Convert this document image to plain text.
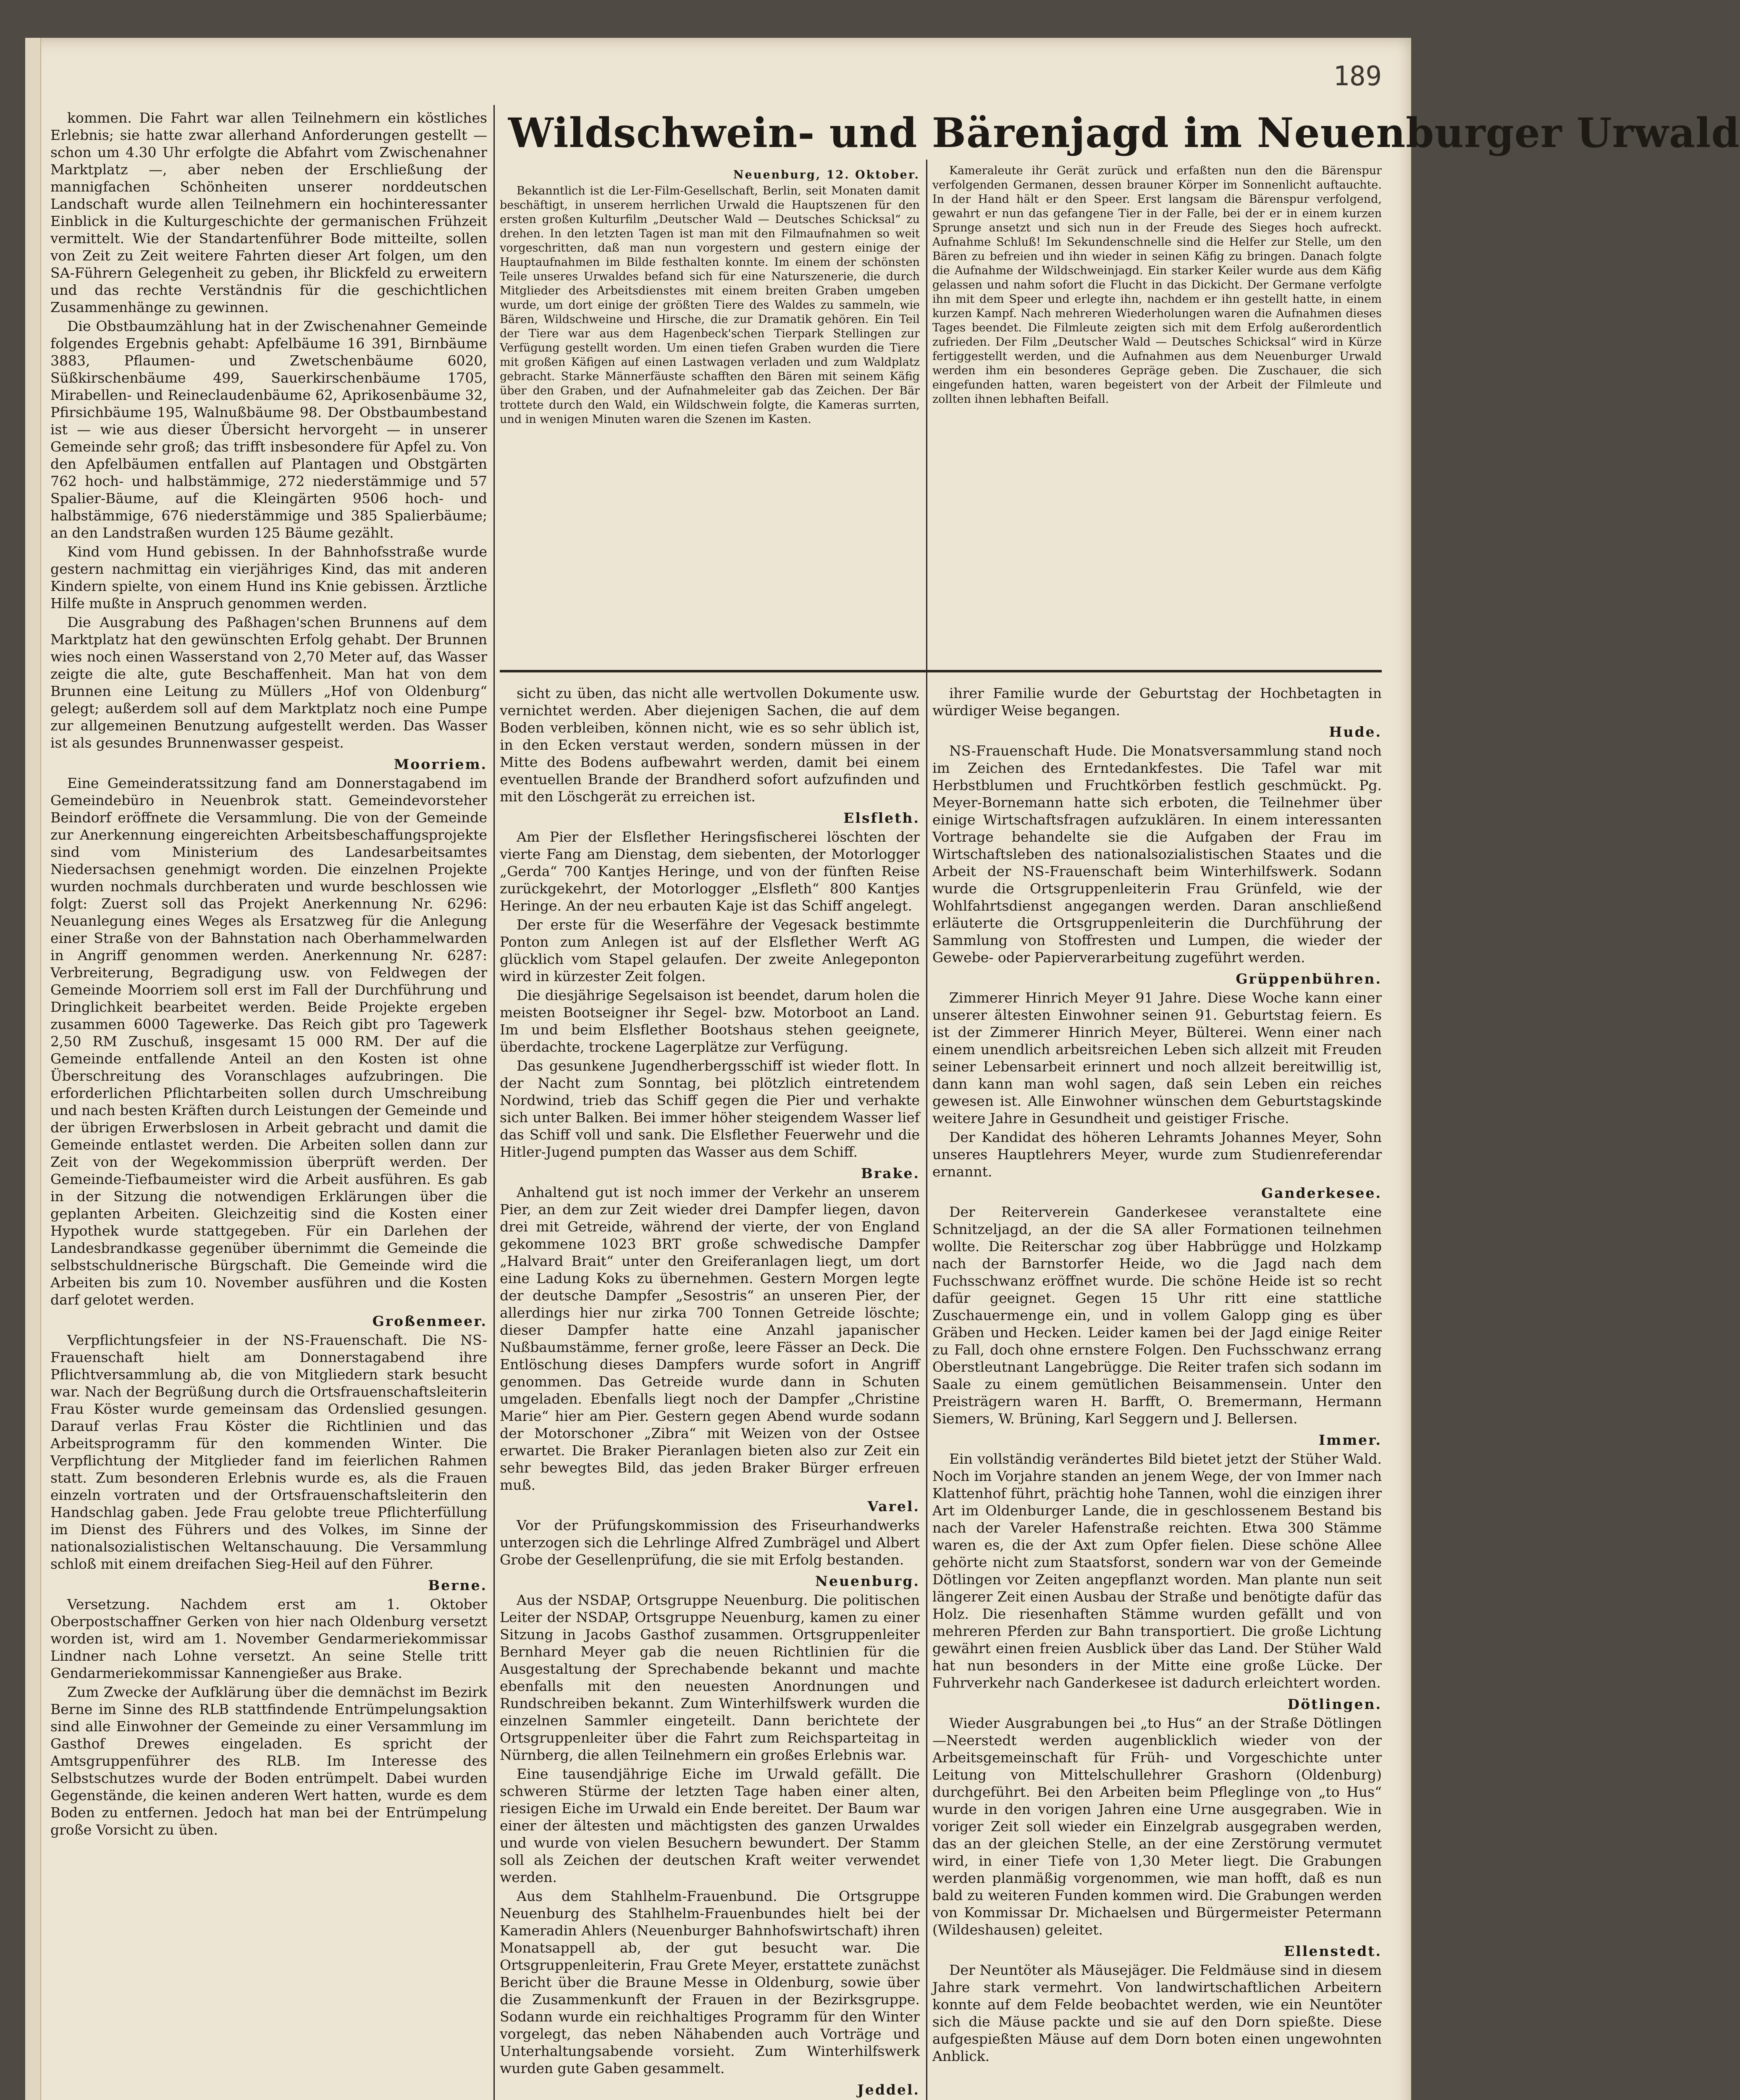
189
Wildschwein- und Bärenjagd im Neuenburger Urwald

kommen. Die Fahrt war allen Teilnehmern ein köstliches Erlebnis; sie hatte zwar allerhand Anforderungen gestellt — schon um 4.30 Uhr erfolgte die Abfahrt vom Zwischenahner Marktplatz —, aber neben der Erschließung der mannigfachen Schönheiten unserer norddeutschen Landschaft wurde allen Teilnehmern ein hochinteressanter Einblick in die Kulturgeschichte der germanischen Frühzeit vermittelt. Wie der Standartenführer Bode mitteilte, sollen von Zeit zu Zeit weitere Fahrten dieser Art folgen, um den SA-Führern Gelegenheit zu geben, ihr Blickfeld zu erweitern und das rechte Verständnis für die geschichtlichen Zusammenhänge zu gewinnen.

Die Obstbaumzählung hat in der Zwischenahner Gemeinde folgendes Ergebnis gehabt: Apfelbäume 16 391, Birnbäume 3883, Pflaumen- und Zwetschenbäume 6020, Süßkirschenbäume 499, Sauerkirschenbäume 1705, Mirabellen- und Reineclaudenbäume 62, Aprikosenbäume 32, Pfirsichbäume 195, Walnußbäume 98. Der Obstbaumbestand ist — wie aus dieser Übersicht hervorgeht — in unserer Gemeinde sehr groß; das trifft insbesondere für Apfel zu. Von den Apfelbäumen entfallen auf Plantagen und Obstgärten 762 hoch- und halbstämmige, 272 niederstämmige und 57 Spalier-Bäume, auf die Kleingärten 9506 hoch- und halbstämmige, 676 niederstämmige und 385 Spalierbäume; an den Landstraßen wurden 125 Bäume gezählt.

Kind vom Hund gebissen. In der Bahnhofsstraße wurde gestern nachmittag ein vierjähriges Kind, das mit anderen Kindern spielte, von einem Hund ins Knie gebissen. Ärztliche Hilfe mußte in Anspruch genommen werden.

Die Ausgrabung des Paßhagen'schen Brunnens auf dem Marktplatz hat den gewünschten Erfolg gehabt. Der Brunnen wies noch einen Wasserstand von 2,70 Meter auf, das Wasser zeigte die alte, gute Beschaffenheit. Man hat von dem Brunnen eine Leitung zu Müllers „Hof von Oldenburg“ gelegt; außerdem soll auf dem Marktplatz noch eine Pumpe zur allgemeinen Benutzung aufgestellt werden. Das Wasser ist als gesundes Brunnenwasser gespeist.

Moorriem.

Eine Gemeinderatssitzung fand am Donnerstagabend im Gemeindebüro in Neuenbrok statt. Gemeindevorsteher Beindorf eröffnete die Versammlung. Die von der Gemeinde zur Anerkennung eingereichten Arbeitsbeschaffungsprojekte sind vom Ministerium des Landesarbeitsamtes Niedersachsen genehmigt worden. Die einzelnen Projekte wurden nochmals durchberaten und wurde beschlossen wie folgt: Zuerst soll das Projekt Anerkennung Nr. 6296: Neuanlegung eines Weges als Ersatzweg für die Anlegung einer Straße von der Bahnstation nach Oberhammelwarden in Angriff genommen werden. Anerkennung Nr. 6287: Verbreiterung, Begradigung usw. von Feldwegen der Gemeinde Moorriem soll erst im Fall der Durchführung und Dringlichkeit bearbeitet werden. Beide Projekte ergeben zusammen 6000 Tagewerke. Das Reich gibt pro Tagewerk 2,50 RM Zuschuß, insgesamt 15 000 RM. Der auf die Gemeinde entfallende Anteil an den Kosten ist ohne Überschreitung des Voranschlages aufzubringen. Die erforderlichen Pflichtarbeiten sollen durch Umschreibung und nach besten Kräften durch Leistungen der Gemeinde und der übrigen Erwerbslosen in Arbeit gebracht und damit die Gemeinde entlastet werden. Die Arbeiten sollen dann zur Zeit von der Wegekommission überprüft werden. Der Gemeinde-Tiefbaumeister wird die Arbeit ausführen. Es gab in der Sitzung die notwendigen Erklärungen über die geplanten Arbeiten. Gleichzeitig sind die Kosten einer Hypothek wurde stattgegeben. Für ein Darlehen der Landesbrandkasse gegenüber übernimmt die Gemeinde die selbstschuldnerische Bürgschaft. Die Gemeinde wird die Arbeiten bis zum 10. November ausführen und die Kosten darf gelotet werden.

Großenmeer.

Verpflichtungsfeier in der NS-Frauenschaft. Die NS-Frauenschaft hielt am Donnerstagabend ihre Pflichtversammlung ab, die von Mitgliedern stark besucht war. Nach der Begrüßung durch die Ortsfrauenschaftsleiterin Frau Köster wurde gemeinsam das Ordenslied gesungen. Darauf verlas Frau Köster die Richtlinien und das Arbeitsprogramm für den kommenden Winter. Die Verpflichtung der Mitglieder fand im feierlichen Rahmen statt. Zum besonderen Erlebnis wurde es, als die Frauen einzeln vortraten und der Ortsfrauenschaftsleiterin den Handschlag gaben. Jede Frau gelobte treue Pflichterfüllung im Dienst des Führers und des Volkes, im Sinne der nationalsozialistischen Weltanschauung. Die Versammlung schloß mit einem dreifachen Sieg-Heil auf den Führer.

Berne.

Versetzung. Nachdem erst am 1. Oktober Oberpostschaffner Gerken von hier nach Oldenburg versetzt worden ist, wird am 1. November Gendarmeriekommissar Lindner nach Lohne versetzt. An seine Stelle tritt Gendarmeriekommissar Kannengießer aus Brake.

Zum Zwecke der Aufklärung über die demnächst im Bezirk Berne im Sinne des RLB stattfindende Entrümpelungsaktion sind alle Einwohner der Gemeinde zu einer Versammlung im Gasthof Drewes eingeladen. Es spricht der Amtsgruppenführer des RLB. Im Interesse des Selbstschutzes wurde der Boden entrümpelt. Dabei wurden Gegenstände, die keinen anderen Wert hatten, wurde es dem Boden zu entfernen. Jedoch hat man bei der Entrümpelung große Vorsicht zu üben.

Neuenburg, 12. Oktober.

Bekanntlich ist die Ler-Film-Gesellschaft, Berlin, seit Monaten damit beschäftigt, in unserem herrlichen Urwald die Hauptszenen für den ersten großen Kulturfilm „Deutscher Wald — Deutsches Schicksal“ zu drehen. In den letzten Tagen ist man mit den Filmaufnahmen so weit vorgeschritten, daß man nun vorgestern und gestern einige der Hauptaufnahmen im Bilde festhalten konnte. Im einem der schönsten Teile unseres Urwaldes befand sich für eine Naturszenerie, die durch Mitglieder des Arbeitsdienstes mit einem breiten Graben umgeben wurde, um dort einige der größten Tiere des Waldes zu sammeln, wie Bären, Wildschweine und Hirsche, die zur Dramatik gehören. Ein Teil der Tiere war aus dem Hagenbeck'schen Tierpark Stellingen zur Verfügung gestellt worden. Um einen tiefen Graben wurden die Tiere mit großen Käfigen auf einen Lastwagen verladen und zum Waldplatz gebracht. Starke Männerfäuste schafften den Bären mit seinem Käfig über den Graben, und der Aufnahmeleiter gab das Zeichen. Der Bär trottete durch den Wald, ein Wildschwein folgte, die Kameras surrten, und in wenigen Minuten waren die Szenen im Kasten.

Kameraleute ihr Gerät zurück und erfaßten nun den die Bärenspur verfolgenden Germanen, dessen brauner Körper im Sonnenlicht auftauchte. In der Hand hält er den Speer. Erst langsam die Bärenspur verfolgend, gewahrt er nun das gefangene Tier in der Falle, bei der er in einem kurzen Sprunge ansetzt und sich nun in der Freude des Sieges hoch aufreckt. Aufnahme Schluß! Im Sekundenschnelle sind die Helfer zur Stelle, um den Bären zu befreien und ihn wieder in seinen Käfig zu bringen. Danach folgte die Aufnahme der Wildschweinjagd. Ein starker Keiler wurde aus dem Käfig gelassen und nahm sofort die Flucht in das Dickicht. Der Germane verfolgte ihn mit dem Speer und erlegte ihn, nachdem er ihn gestellt hatte, in einem kurzen Kampf. Nach mehreren Wiederholungen waren die Aufnahmen dieses Tages beendet. Die Filmleute zeigten sich mit dem Erfolg außerordentlich zufrieden. Der Film „Deutscher Wald — Deutsches Schicksal“ wird in Kürze fertiggestellt werden, und die Aufnahmen aus dem Neuenburger Urwald werden ihm ein besonderes Gepräge geben. Die Zuschauer, die sich eingefunden hatten, waren begeistert von der Arbeit der Filmleute und zollten ihnen lebhaften Beifall.

sicht zu üben, das nicht alle wertvollen Dokumente usw. vernichtet werden. Aber diejenigen Sachen, die auf dem Boden verbleiben, können nicht, wie es so sehr üblich ist, in den Ecken verstaut werden, sondern müssen in der Mitte des Bodens aufbewahrt werden, damit bei einem eventuellen Brande der Brandherd sofort aufzufinden und mit den Löschgerät zu erreichen ist.

Elsfleth.

Am Pier der Elsflether Heringsfischerei löschten der vierte Fang am Dienstag, dem siebenten, der Motorlogger „Gerda“ 700 Kantjes Heringe, und von der fünften Reise zurückgekehrt, der Motorlogger „Elsfleth“ 800 Kantjes Heringe. An der neu erbauten Kaje ist das Schiff angelegt.

Der erste für die Weserfähre der Vegesack bestimmte Ponton zum Anlegen ist auf der Elsflether Werft AG glücklich vom Stapel gelaufen. Der zweite Anlegeponton wird in kürzester Zeit folgen.

Die diesjährige Segelsaison ist beendet, darum holen die meisten Bootseigner ihr Segel- bzw. Motorboot an Land. Im und beim Elsflether Bootshaus stehen geeignete, überdachte, trockene Lagerplätze zur Verfügung.

Das gesunkene Jugendherbergsschiff ist wieder flott. In der Nacht zum Sonntag, bei plötzlich eintretendem Nordwind, trieb das Schiff gegen die Pier und verhakte sich unter Balken. Bei immer höher steigendem Wasser lief das Schiff voll und sank. Die Elsflether Feuerwehr und die Hitler-Jugend pumpten das Wasser aus dem Schiff.

Brake.

Anhaltend gut ist noch immer der Verkehr an unserem Pier, an dem zur Zeit wieder drei Dampfer liegen, davon drei mit Getreide, während der vierte, der von England gekommene 1023 BRT große schwedische Dampfer „Halvard Brait“ unter den Greiferanlagen liegt, um dort eine Ladung Koks zu übernehmen. Gestern Morgen legte der deutsche Dampfer „Sesostris“ an unseren Pier, der allerdings hier nur zirka 700 Tonnen Getreide löschte; dieser Dampfer hatte eine Anzahl japanischer Nußbaumstämme, ferner große, leere Fässer an Deck. Die Entlöschung dieses Dampfers wurde sofort in Angriff genommen. Das Getreide wurde dann in Schuten umgeladen. Ebenfalls liegt noch der Dampfer „Christine Marie“ hier am Pier. Gestern gegen Abend wurde sodann der Motorschoner „Zibra“ mit Weizen von der Ostsee erwartet. Die Braker Pieranlagen bieten also zur Zeit ein sehr bewegtes Bild, das jeden Braker Bürger erfreuen muß.

Varel.

Vor der Prüfungskommission des Friseurhandwerks unterzogen sich die Lehrlinge Alfred Zumbrägel und Albert Grobe der Gesellenprüfung, die sie mit Erfolg bestanden.

Neuenburg.

Aus der NSDAP, Ortsgruppe Neuenburg. Die politischen Leiter der NSDAP, Ortsgruppe Neuenburg, kamen zu einer Sitzung in Jacobs Gasthof zusammen. Ortsgruppenleiter Bernhard Meyer gab die neuen Richtlinien für die Ausgestaltung der Sprechabende bekannt und machte ebenfalls mit den neuesten Anordnungen und Rundschreiben bekannt. Zum Winterhilfswerk wurden die einzelnen Sammler eingeteilt. Dann berichtete der Ortsgruppenleiter über die Fahrt zum Reichsparteitag in Nürnberg, die allen Teilnehmern ein großes Erlebnis war.

Eine tausendjährige Eiche im Urwald gefällt. Die schweren Stürme der letzten Tage haben einer alten, riesigen Eiche im Urwald ein Ende bereitet. Der Baum war einer der ältesten und mächtigsten des ganzen Urwaldes und wurde von vielen Besuchern bewundert. Der Stamm soll als Zeichen der deutschen Kraft weiter verwendet werden.

Aus dem Stahlhelm-Frauenbund. Die Ortsgruppe Neuenburg des Stahlhelm-Frauenbundes hielt bei der Kameradin Ahlers (Neuenburger Bahnhofswirtschaft) ihren Monatsappell ab, der gut besucht war. Die Ortsgruppenleiterin, Frau Grete Meyer, erstattete zunächst Bericht über die Braune Messe in Oldenburg, sowie über die Zusammenkunft der Frauen in der Bezirksgruppe. Sodann wurde ein reichhaltiges Programm für den Winter vorgelegt, das neben Nähabenden auch Vorträge und Unterhaltungsabende vorsieht. Zum Winterhilfswerk wurden gute Gaben gesammelt.

Jeddel.

ihrer Familie wurde der Geburtstag der Hochbetagten in würdiger Weise begangen.

Hude.

NS-Frauenschaft Hude. Die Monatsversammlung stand noch im Zeichen des Erntedankfestes. Die Tafel war mit Herbstblumen und Fruchtkörben festlich geschmückt. Pg. Meyer-Bornemann hatte sich erboten, die Teilnehmer über einige Wirtschaftsfragen aufzuklären. In einem interessanten Vortrage behandelte sie die Aufgaben der Frau im Wirtschaftsleben des nationalsozialistischen Staates und die Arbeit der NS-Frauenschaft beim Winterhilfswerk. Sodann wurde die Ortsgruppenleiterin Frau Grünfeld, wie der Wohlfahrtsdienst angegangen werden. Daran anschließend erläuterte die Ortsgruppenleiterin die Durchführung der Sammlung von Stoffresten und Lumpen, die wieder der Gewebe- oder Papierverarbeitung zugeführt werden.

Grüppenbühren.

Zimmerer Hinrich Meyer 91 Jahre. Diese Woche kann einer unserer ältesten Einwohner seinen 91. Geburtstag feiern. Es ist der Zimmerer Hinrich Meyer, Bülterei. Wenn einer nach einem unendlich arbeitsreichen Leben sich allzeit mit Freuden seiner Lebensarbeit erinnert und noch allzeit bereitwillig ist, dann kann man wohl sagen, daß sein Leben ein reiches gewesen ist. Alle Einwohner wünschen dem Geburtstagskinde weitere Jahre in Gesundheit und geistiger Frische.

Der Kandidat des höheren Lehramts Johannes Meyer, Sohn unseres Hauptlehrers Meyer, wurde zum Studienreferendar ernannt.

Ganderkesee.

Der Reiterverein Ganderkesee veranstaltete eine Schnitzeljagd, an der die SA aller Formationen teilnehmen wollte. Die Reiterschar zog über Habbrügge und Holzkamp nach der Barnstorfer Heide, wo die Jagd nach dem Fuchsschwanz eröffnet wurde. Die schöne Heide ist so recht dafür geeignet. Gegen 15 Uhr ritt eine stattliche Zuschauermenge ein, und in vollem Galopp ging es über Gräben und Hecken. Leider kamen bei der Jagd einige Reiter zu Fall, doch ohne ernstere Folgen. Den Fuchsschwanz errang Oberstleutnant Langebrügge. Die Reiter trafen sich sodann im Saale zu einem gemütlichen Beisammensein. Unter den Preisträgern waren H. Barfft, O. Bremermann, Hermann Siemers, W. Brüning, Karl Seggern und J. Bellersen.

Immer.

Ein vollständig verändertes Bild bietet jetzt der Stüher Wald. Noch im Vorjahre standen an jenem Wege, der von Immer nach Klattenhof führt, prächtig hohe Tannen, wohl die einzigen ihrer Art im Oldenburger Lande, die in geschlossenem Bestand bis nach der Vareler Hafenstraße reichten. Etwa 300 Stämme waren es, die der Axt zum Opfer fielen. Diese schöne Allee gehörte nicht zum Staatsforst, sondern war von der Gemeinde Dötlingen vor Zeiten angepflanzt worden. Man plante nun seit längerer Zeit einen Ausbau der Straße und benötigte dafür das Holz. Die riesenhaften Stämme wurden gefällt und von mehreren Pferden zur Bahn transportiert. Die große Lichtung gewährt einen freien Ausblick über das Land. Der Stüher Wald hat nun besonders in der Mitte eine große Lücke. Der Fuhrverkehr nach Ganderkesee ist dadurch erleichtert worden.

Dötlingen.

Wieder Ausgrabungen bei „to Hus“ an der Straße Dötlingen—Neerstedt werden augenblicklich wieder von der Arbeitsgemeinschaft für Früh- und Vorgeschichte unter Leitung von Mittelschullehrer Grashorn (Oldenburg) durchgeführt. Bei den Arbeiten beim Pfleglinge von „to Hus“ wurde in den vorigen Jahren eine Urne ausgegraben. Wie in voriger Zeit soll wieder ein Einzelgrab ausgegraben werden, das an der gleichen Stelle, an der eine Zerstörung vermutet wird, in einer Tiefe von 1,30 Meter liegt. Die Grabungen werden planmäßig vorgenommen, wie man hofft, daß es nun bald zu weiteren Funden kommen wird. Die Grabungen werden von Kommissar Dr. Michaelsen und Bürgermeister Petermann (Wildeshausen) geleitet.

Ellenstedt.

Der Neuntöter als Mäusejäger. Die Feldmäuse sind in diesem Jahre stark vermehrt. Von landwirtschaftlichen Arbeitern konnte auf dem Felde beobachtet werden, wie ein Neuntöter sich die Mäuse packte und sie auf den Dorn spießte. Diese aufgespießten Mäuse auf dem Dorn boten einen ungewohnten Anblick.
